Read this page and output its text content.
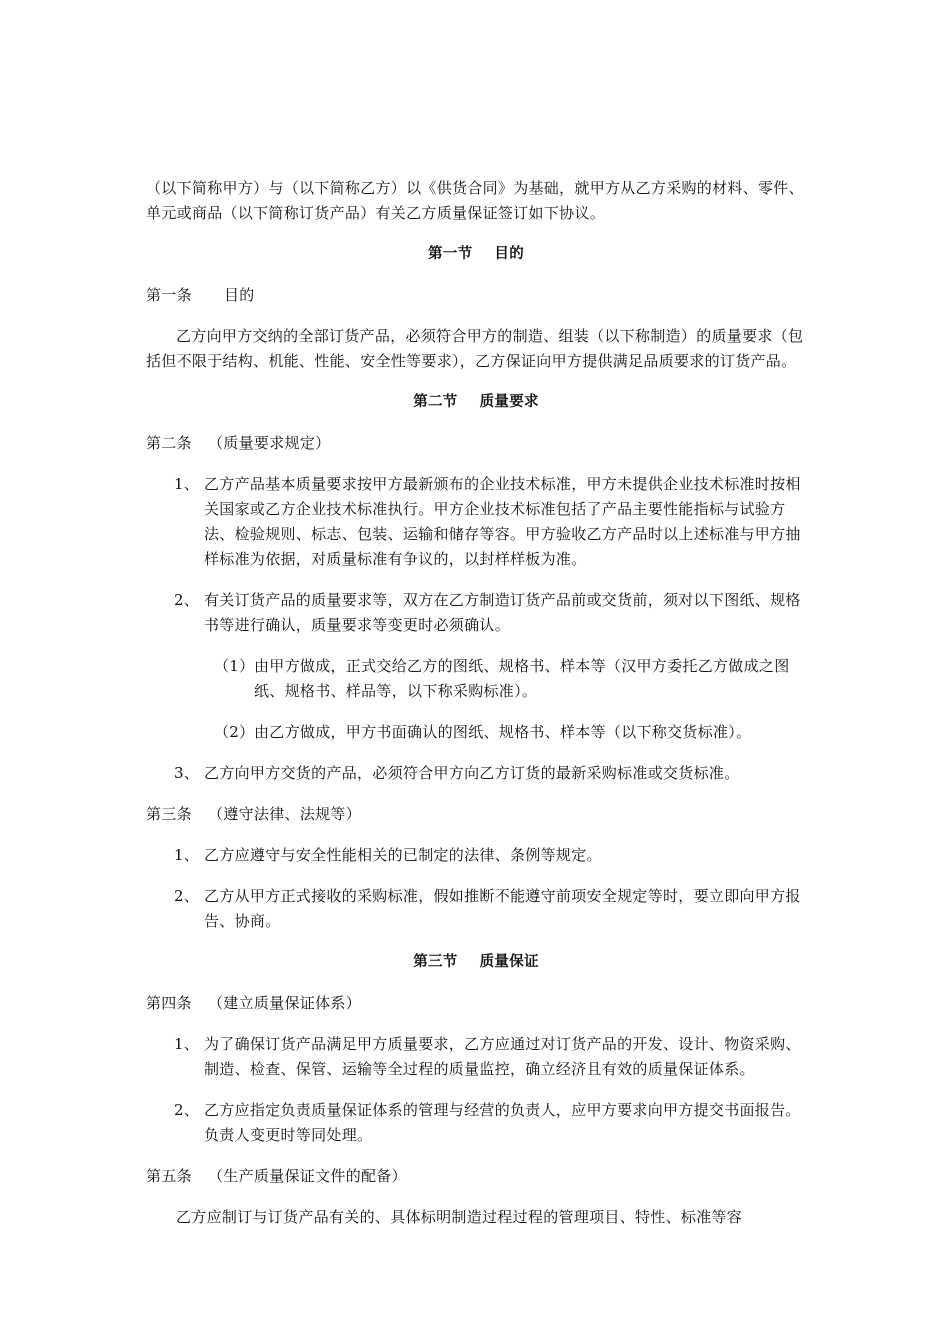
（以下简称甲方）与（以下简称乙方）以《供货合同》为基础，就甲方从乙方采购的材料、零件、单元或商品（以下简称订货产品）有关乙方质量保证签订如下协议。

第一节 目的

第一条 目的

乙方向甲方交纳的全部订货产品，必须符合甲方的制造、组装（以下称制造）的质量要求（包括但不限于结构、机能、性能、安全性等要求），乙方保证向甲方提供满足品质要求的订货产品。

第二节 质量要求

第二条 （质量要求规定）

1、 乙方产品基本质量要求按甲方最新颁布的企业技术标准，甲方未提供企业技术标准时按相关国家或乙方企业技术标准执行。甲方企业技术标准包括了产品主要性能指标与试验方法、检验规则、标志、包装、运输和储存等容。甲方验收乙方产品时以上述标准与甲方抽样标准为依据，对质量标准有争议的，以封样样板为准。
2、 有关订货产品的质量要求等，双方在乙方制造订货产品前或交货前，须对以下图纸、规格书等进行确认，质量要求等变更时必须确认。
（1） 由甲方做成，正式交给乙方的图纸、规格书、样本等（汉甲方委托乙方做成之图纸、规格书、样品等，以下称采购标准）。
（2） 由乙方做成，甲方书面确认的图纸、规格书、样本等（以下称交货标准）。
3、 乙方向甲方交货的产品，必须符合甲方向乙方订货的最新采购标准或交货标准。

第三条 （遵守法律、法规等）

1、 乙方应遵守与安全性能相关的已制定的法律、条例等规定。
2、 乙方从甲方正式接收的采购标准，假如推断不能遵守前项安全规定等时，要立即向甲方报告、协商。

第三节 质量保证

第四条 （建立质量保证体系）

1、 为了确保订货产品满足甲方质量要求，乙方应通过对订货产品的开发、设计、物资采购、制造、检查、保管、运输等全过程的质量监控，确立经济且有效的质量保证体系。
2、 乙方应指定负责质量保证体系的管理与经营的负责人，应甲方要求向甲方提交书面报告。负责人变更时等同处理。

第五条 （生产质量保证文件的配备）

乙方应制订与订货产品有关的、具体标明制造过程过程的管理项目、特性、标准等容
